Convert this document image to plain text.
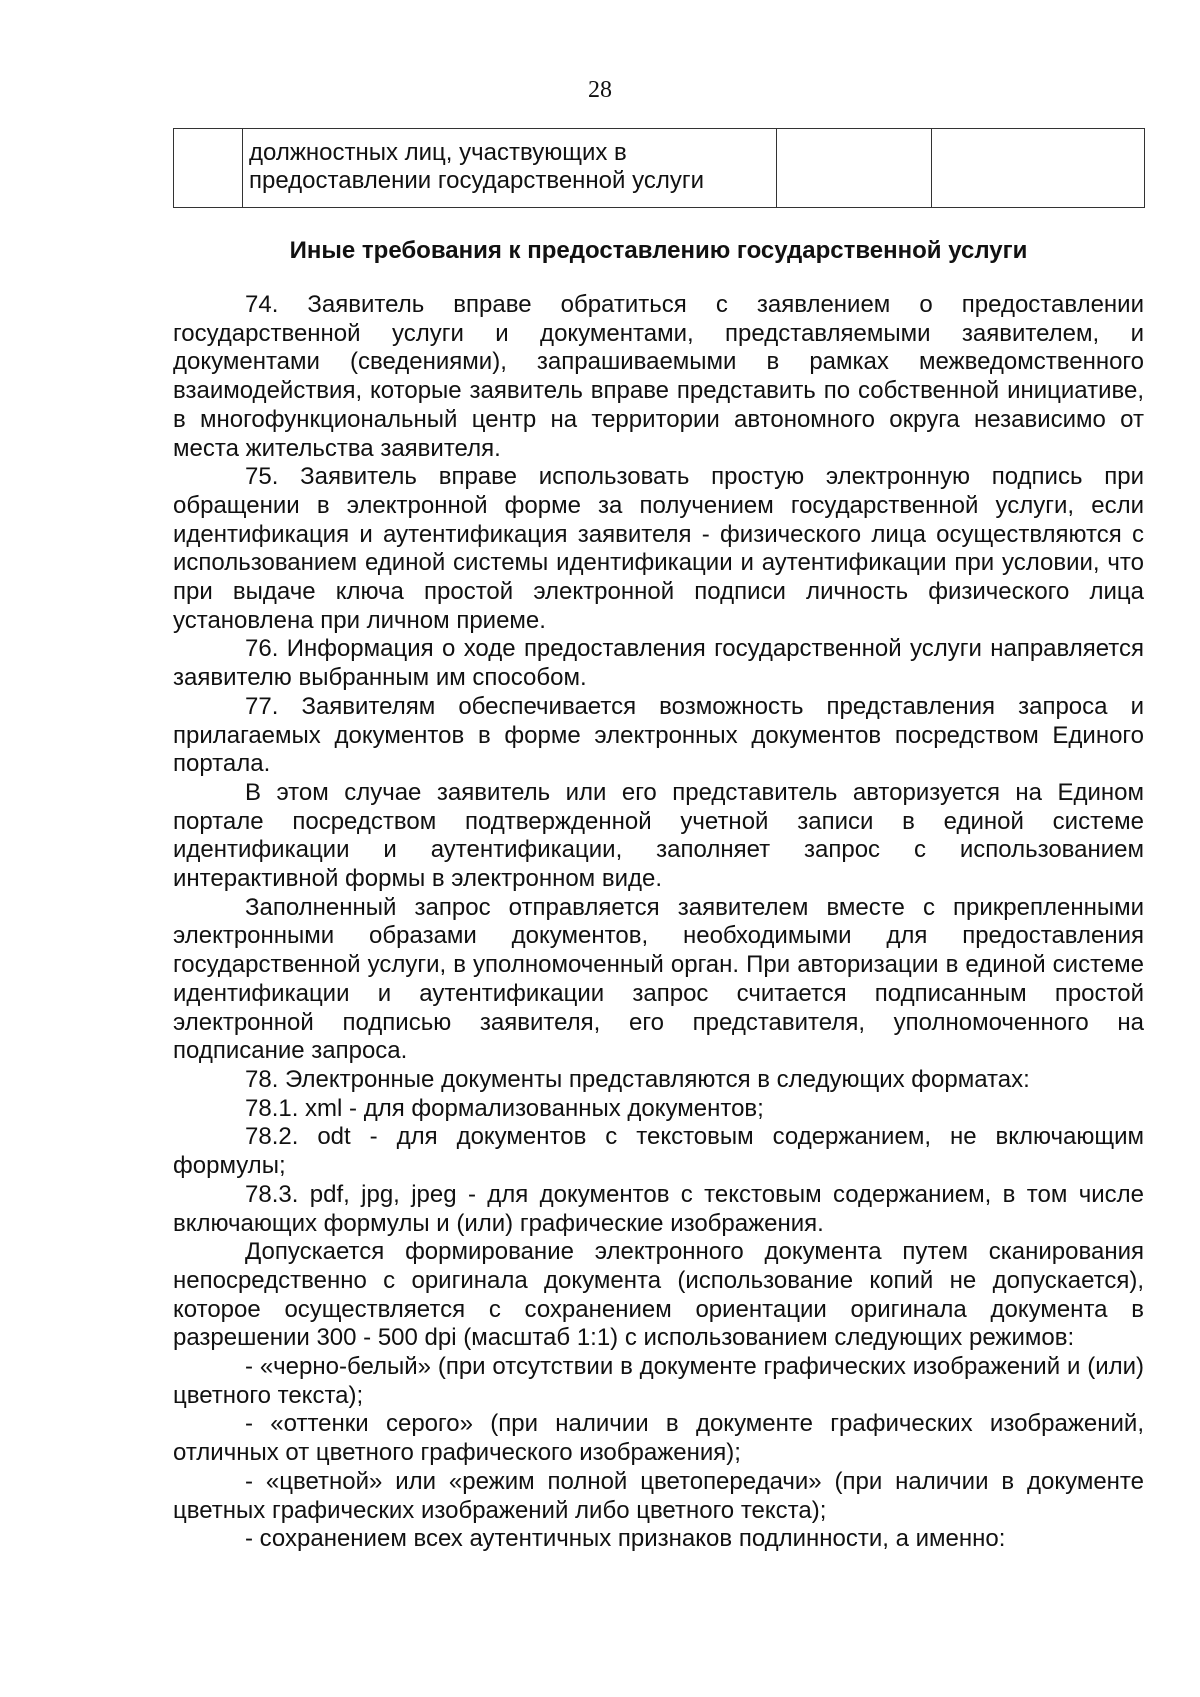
28
	должностных лиц, участвующих в предоставлении государственной услуги		
Иные требования к предоставлению государственной услуги

74. Заявитель вправе обратиться с заявлением о предоставлении государственной услуги и документами, представляемыми заявителем, и документами (сведениями), запрашиваемыми в рамках межведомственного взаимодействия, которые заявитель вправе представить по собственной инициативе, в многофункциональный центр на территории автономного округа независимо от места жительства заявителя.

75. Заявитель вправе использовать простую электронную подпись при обращении в электронной форме за получением государственной услуги, если идентификация и аутентификация заявителя - физического лица осуществляются с использованием единой системы идентификации и аутентификации при условии, что при выдаче ключа простой электронной подписи личность физического лица установлена при личном приеме.

76. Информация о ходе предоставления государственной услуги направляется заявителю выбранным им способом.

77. Заявителям обеспечивается возможность представления запроса и прилагаемых документов в форме электронных документов посредством Единого портала.

В этом случае заявитель или его представитель авторизуется на Едином портале посредством подтвержденной учетной записи в единой системе идентификации и аутентификации, заполняет запрос с использованием интерактивной формы в электронном виде.

Заполненный запрос отправляется заявителем вместе с прикрепленными электронными образами документов, необходимыми для предоставления государственной услуги, в уполномоченный орган. При авторизации в единой системе идентификации и аутентификации запрос считается подписанным простой электронной подписью заявителя, его представителя, уполномоченного на подписание запроса.

78. Электронные документы представляются в следующих форматах:

78.1. xml - для формализованных документов;

78.2. odt - для документов с текстовым содержанием, не включающим формулы;

78.3. pdf, jpg, jpeg - для документов с текстовым содержанием, в том числе включающих формулы и (или) графические изображения.

Допускается формирование электронного документа путем сканирования непосредственно с оригинала документа (использование копий не допускается), которое осуществляется с сохранением ориентации оригинала документа в разрешении 300 - 500 dpi (масштаб 1:1) с использованием следующих режимов:

- «черно-белый» (при отсутствии в документе графических изображений и (или) цветного текста);

- «оттенки серого» (при наличии в документе графических изображений, отличных от цветного графического изображения);

- «цветной» или «режим полной цветопередачи» (при наличии в документе цветных графических изображений либо цветного текста);

- сохранением всех аутентичных признаков подлинности, а именно:
